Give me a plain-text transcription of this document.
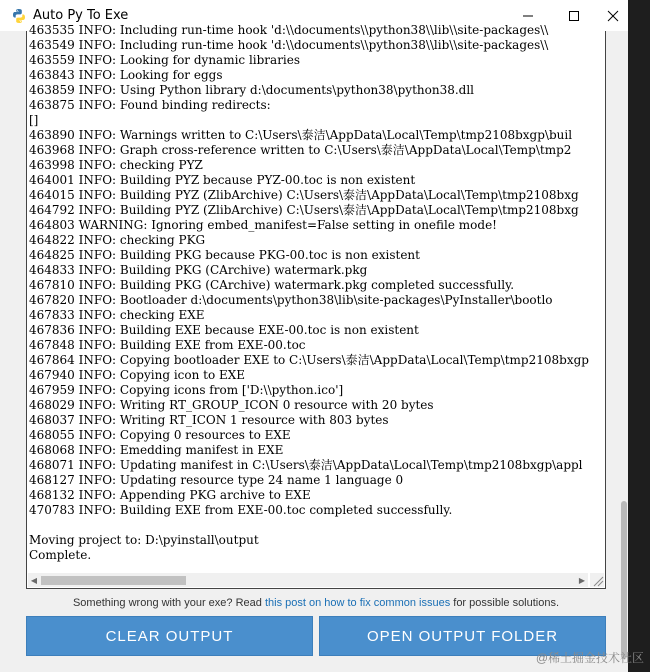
Auto Py To Exe
463535 INFO: Including run-time hook 'd:\\documents\\python38\\lib\\site-packages\\
463549 INFO: Including run-time hook 'd:\\documents\\python38\\lib\\site-packages\\
463559 INFO: Looking for dynamic libraries
463843 INFO: Looking for eggs
463859 INFO: Using Python library d:\documents\python38\python38.dll
463875 INFO: Found binding redirects:
[]
463890 INFO: Warnings written to C:\Users\泰洁\AppData\Local\Temp\tmp2108bxgp\buil
463968 INFO: Graph cross-reference written to C:\Users\泰洁\AppData\Local\Temp\tmp2
463998 INFO: checking PYZ
464001 INFO: Building PYZ because PYZ-00.toc is non existent
464015 INFO: Building PYZ (ZlibArchive) C:\Users\泰洁\AppData\Local\Temp\tmp2108bxg
464792 INFO: Building PYZ (ZlibArchive) C:\Users\泰洁\AppData\Local\Temp\tmp2108bxg
464803 WARNING: Ignoring embed_manifest=False setting in onefile mode!
464822 INFO: checking PKG
464825 INFO: Building PKG because PKG-00.toc is non existent
464833 INFO: Building PKG (CArchive) watermark.pkg
467810 INFO: Building PKG (CArchive) watermark.pkg completed successfully.
467820 INFO: Bootloader d:\documents\python38\lib\site-packages\PyInstaller\bootlo
467833 INFO: checking EXE
467836 INFO: Building EXE because EXE-00.toc is non existent
467848 INFO: Building EXE from EXE-00.toc
467864 INFO: Copying bootloader EXE to C:\Users\泰洁\AppData\Local\Temp\tmp2108bxgp
467940 INFO: Copying icon to EXE
467959 INFO: Copying icons from ['D:\\python.ico']
468029 INFO: Writing RT_GROUP_ICON 0 resource with 20 bytes
468037 INFO: Writing RT_ICON 1 resource with 803 bytes
468055 INFO: Copying 0 resources to EXE
468068 INFO: Emedding manifest in EXE
468071 INFO: Updating manifest in C:\Users\泰洁\AppData\Local\Temp\tmp2108bxgp\appl
468127 INFO: Updating resource type 24 name 1 language 0
468132 INFO: Appending PKG archive to EXE
470783 INFO: Building EXE from EXE-00.toc completed successfully.
Moving project to: D:\pyinstall\output
Complete.
◀	▶
Something wrong with your exe? Read this post on how to fix common issues for possible solutions.
CLEAR OUTPUT	OPEN OUTPUT FOLDER
@稀土掘金技术社区
